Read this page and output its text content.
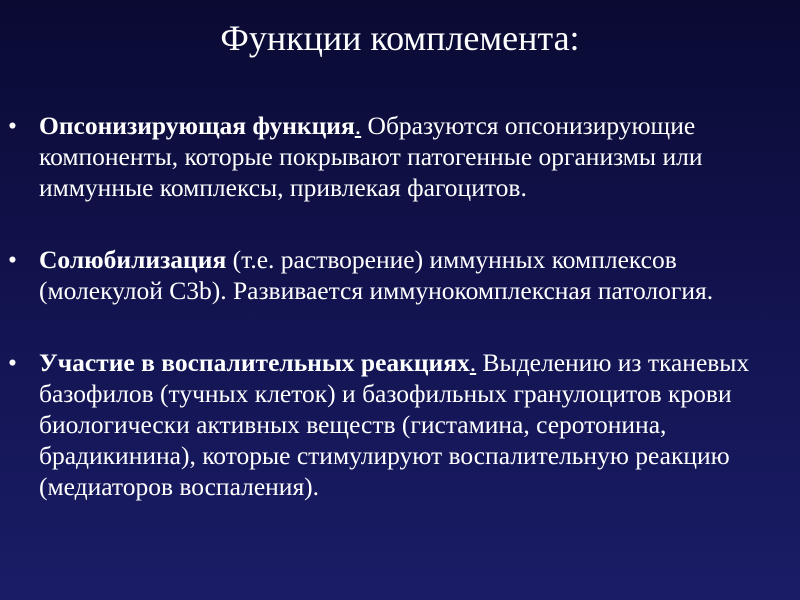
Функции комплемента:
• Опсонизирующая функция. Образуются опсонизирующие компоненты, которые покрывают патогенные организмы или иммунные комплексы, привлекая фагоцитов.
• Солюбилизация (т.е. растворение) иммунных комплексов (молекулой C3b). Развивается иммунокомплексная патология.
• Участие в воспалительных реакциях. Выделению из тканевых базофилов (тучных клеток) и базофильных гранулоцитов крови биологически активных веществ (гистамина, серотонина, брадикинина), которые стимулируют воспалительную реакцию (медиаторов воспаления).
